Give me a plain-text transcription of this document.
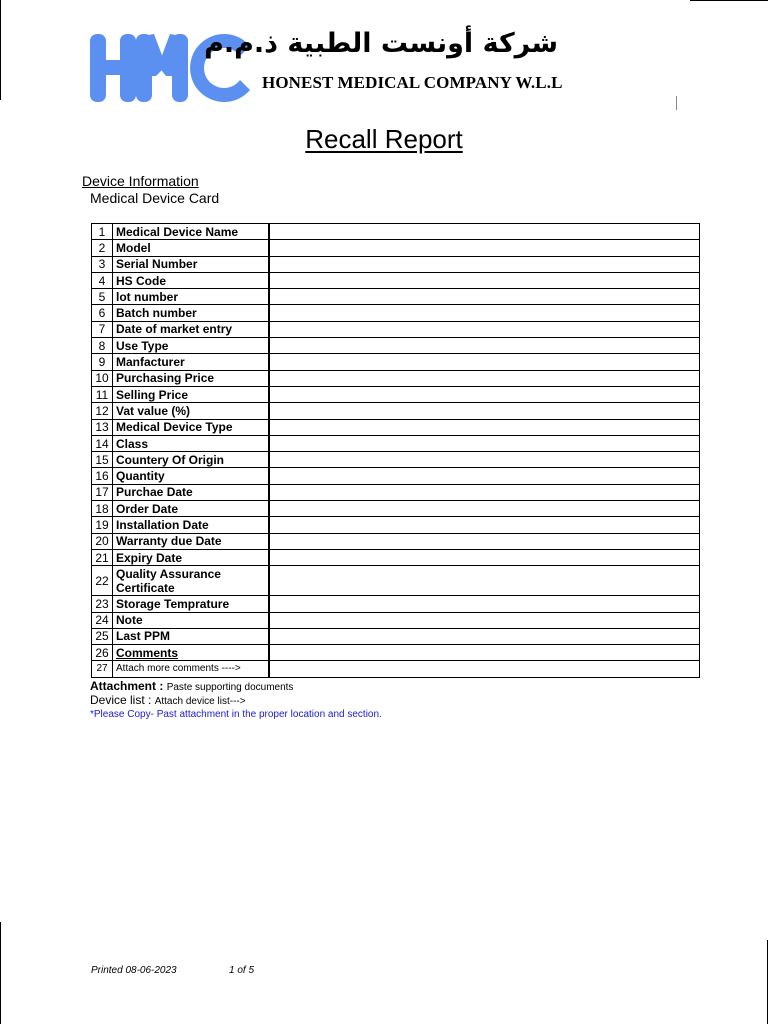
شركة أونست الطبية ذ.م.م
HONEST MEDICAL COMPANY W.L.L
Recall Report
Device Information
Medical Device Card
1	Medical Device Name	
2	Model	
3	Serial Number	
4	HS Code	
5	lot number	
6	Batch number	
7	Date of market entry	
8	Use Type	
9	Manfacturer	
10	Purchasing Price	
11	Selling Price	
12	Vat value (%)	
13	Medical Device Type	
14	Class	
15	Countery Of Origin	
16	Quantity	
17	Purchae Date	
18	Order Date	
19	Installation Date	
20	Warranty due Date	
21	Expiry Date	
22	Quality Assurance Certificate	
23	Storage Temprature	
24	Note	
25	Last PPM	
26	Comments	
27	Attach more comments ---->	
Attachment : Paste supporting documents
Device list : Attach device list--->
*Please Copy- Past attachment in the proper location and section.
Printed 08-06-2023	1 of 5
